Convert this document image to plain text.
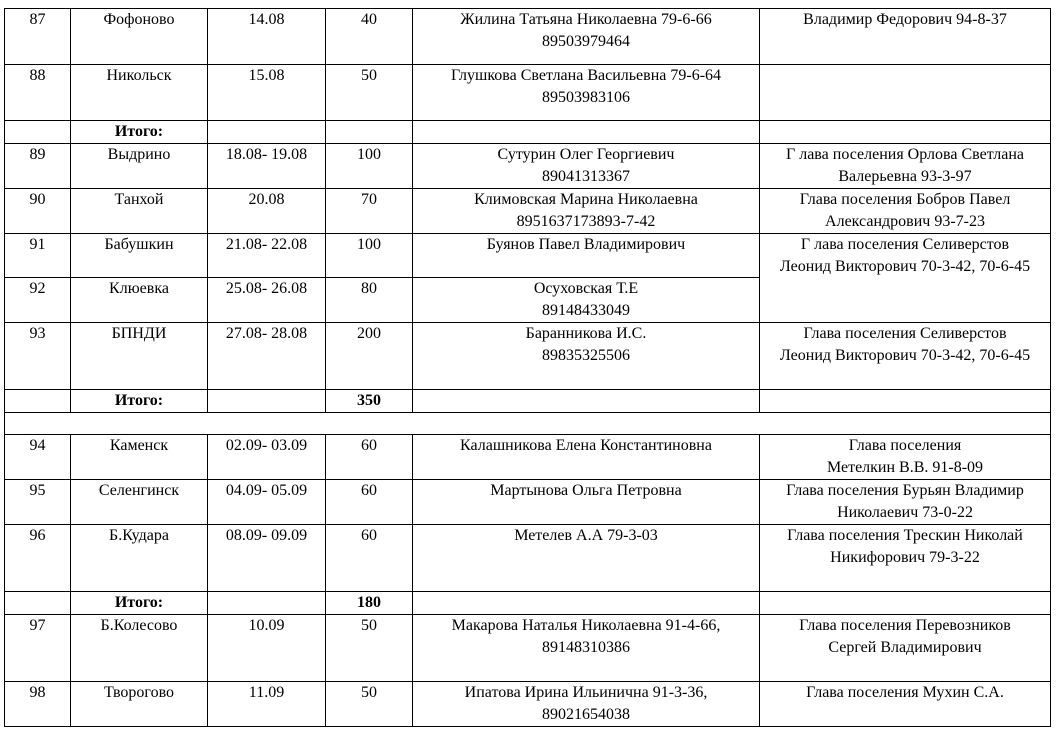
87	Фофоново	14.08	40	Жилина Татьяна Николаевна 79-6-66
89503979464	Владимир Федорович 94-8-37

88	Никольск	15.08	50	Глушкова Светлана Васильевна 79-6-64
89503983106	

	Итого:				
89	Выдрино	18.08- 19.08	100	Сутурин Олег Георгиевич
89041313367	Г лава поселения Орлова Светлана
Валерьевна 93-3-97

90	Танхой	20.08	70	Климовская Марина Николаевна
8951637173893-7-42	Глава поселения Бобров Павел
Александрович 93-7-23

91	Бабушкин	21.08- 22.08	100	Буянов Павел Владимирович	Г лава поселения Селиверстов
Леонид Викторович 70-3-42, 70-6-45

92	Клюевка	25.08- 26.08	80	Осуховская Т.Е
89148433049	

93	БПНДИ	27.08- 28.08	200	Баранникова И.С.
89835325506	Глава поселения Селиверстов
Леонид Викторович 70-3-42, 70-6-45

	Итого:		350		

94	Каменск	02.09- 03.09	60	Калашникова Елена Константиновна	Глава поселения
Метелкин В.В. 91-8-09

95	Селенгинск	04.09- 05.09	60	Мартынова Ольга Петровна	Глава поселения Бурьян Владимир
Николаевич 73-0-22

96	Б.Кудара	08.09- 09.09	60	Метелев А.А 79-3-03	Глава поселения Трескин Николай
Никифорович 79-3-22

	Итого:		180		
97	Б.Колесово	10.09	50	Макарова Наталья Николаевна 91-4-66,
89148310386	Глава поселения Перевозников
Сергей Владимирович

98	Творогово	11.09	50	Ипатова Ирина Ильинична 91-3-36,
89021654038	Глава поселения Мухин С.А.
